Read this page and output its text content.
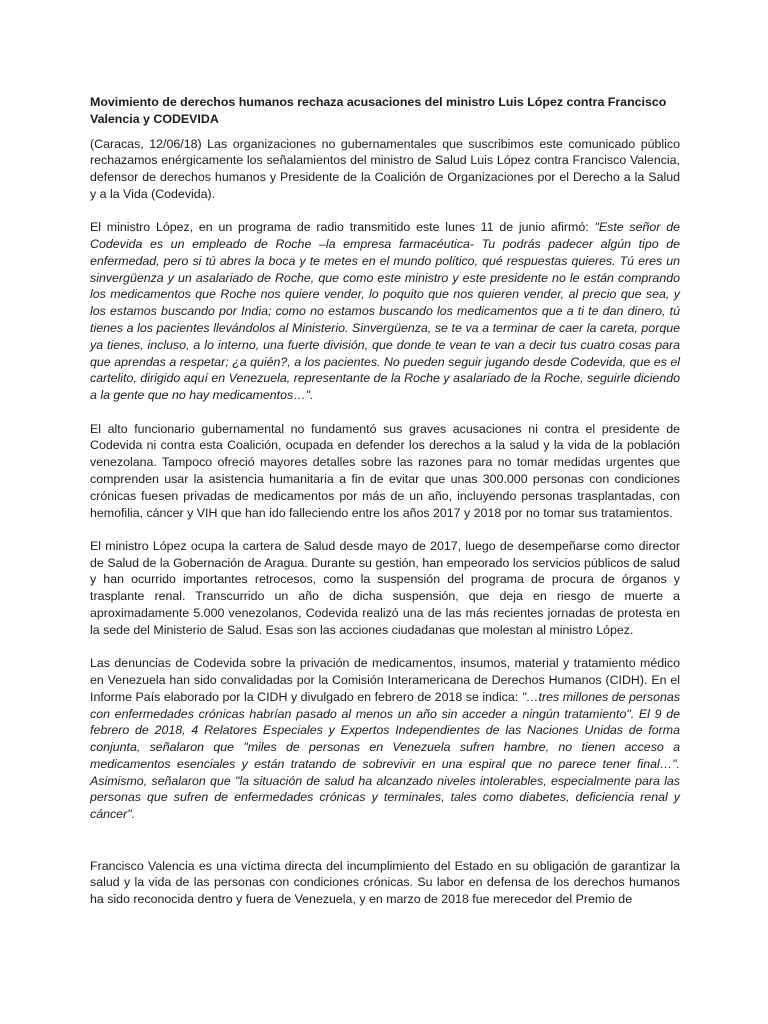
Movimiento de derechos humanos rechaza acusaciones del ministro Luis López contra Francisco Valencia y CODEVIDA

(Caracas, 12/06/18) Las organizaciones no gubernamentales que suscribimos este comunicado público rechazamos enérgicamente los señalamientos del ministro de Salud Luis López contra Francisco Valencia, defensor de derechos humanos y Presidente de la Coalición de Organizaciones por el Derecho a la Salud y a la Vida (Codevida).

El ministro López, en un programa de radio transmitido este lunes 11 de junio afirmó: "Este señor de Codevida es un empleado de Roche –la empresa farmacéutica- Tu podrás padecer algún tipo de enfermedad, pero si tú abres la boca y te metes en el mundo político, qué respuestas quieres. Tú eres un sinvergüenza y un asalariado de Roche, que como este ministro y este presidente no le están comprando los medicamentos que Roche nos quiere vender, lo poquito que nos quieren vender, al precio que sea, y los estamos buscando por India; como no estamos buscando los medicamentos que a ti te dan dinero, tú tienes a los pacientes llevándolos al Ministerio. Sinvergüenza, se te va a terminar de caer la careta, porque ya tienes, incluso, a lo interno, una fuerte división, que donde te vean te van a decir tus cuatro cosas para que aprendas a respetar; ¿a quién?, a los pacientes. No pueden seguir jugando desde Codevida, que es el cartelito, dirigido aquí en Venezuela, representante de la Roche y asalariado de la Roche, seguirle diciendo a la gente que no hay medicamentos…".

El alto funcionario gubernamental no fundamentó sus graves acusaciones ni contra el presidente de Codevida ni contra esta Coalición, ocupada en defender los derechos a la salud y la vida de la población venezolana. Tampoco ofreció mayores detalles sobre las razones para no tomar medidas urgentes que comprenden usar la asistencia humanitaria a fin de evitar que unas 300.000 personas con condiciones crónicas fuesen privadas de medicamentos por más de un año, incluyendo personas trasplantadas, con hemofilia, cáncer y VIH que han ido falleciendo entre los años 2017 y 2018 por no tomar sus tratamientos.

El ministro López ocupa la cartera de Salud desde mayo de 2017, luego de desempeñarse como director de Salud de la Gobernación de Aragua. Durante su gestión, han empeorado los servicios públicos de salud y han ocurrido importantes retrocesos, como la suspensión del programa de procura de órganos y trasplante renal. Transcurrido un año de dicha suspensión, que deja en riesgo de muerte a aproximadamente 5.000 venezolanos, Codevida realizó una de las más recientes jornadas de protesta en la sede del Ministerio de Salud. Esas son las acciones ciudadanas que molestan al ministro López.

Las denuncias de Codevida sobre la privación de medicamentos, insumos, material y tratamiento médico en Venezuela han sido convalidadas por la Comisión Interamericana de Derechos Humanos (CIDH). En el Informe País elaborado por la CIDH y divulgado en febrero de 2018 se indica: "…tres millones de personas con enfermedades crónicas habrían pasado al menos un año sin acceder a ningún tratamiento". El 9 de febrero de 2018, 4 Relatores Especiales y Expertos Independientes de las Naciones Unidas de forma conjunta, señalaron que "miles de personas en Venezuela sufren hambre, no tienen acceso a medicamentos esenciales y están tratando de sobrevivir en una espiral que no parece tener final…". Asimismo, señalaron que "la situación de salud ha alcanzado niveles intolerables, especialmente para las personas que sufren de enfermedades crónicas y terminales, tales como diabetes, deficiencia renal y cáncer".

Francisco Valencia es una víctima directa del incumplimiento del Estado en su obligación de garantizar la salud y la vida de las personas con condiciones crónicas. Su labor en defensa de los derechos humanos ha sido reconocida dentro y fuera de Venezuela, y en marzo de 2018 fue merecedor del Premio de
